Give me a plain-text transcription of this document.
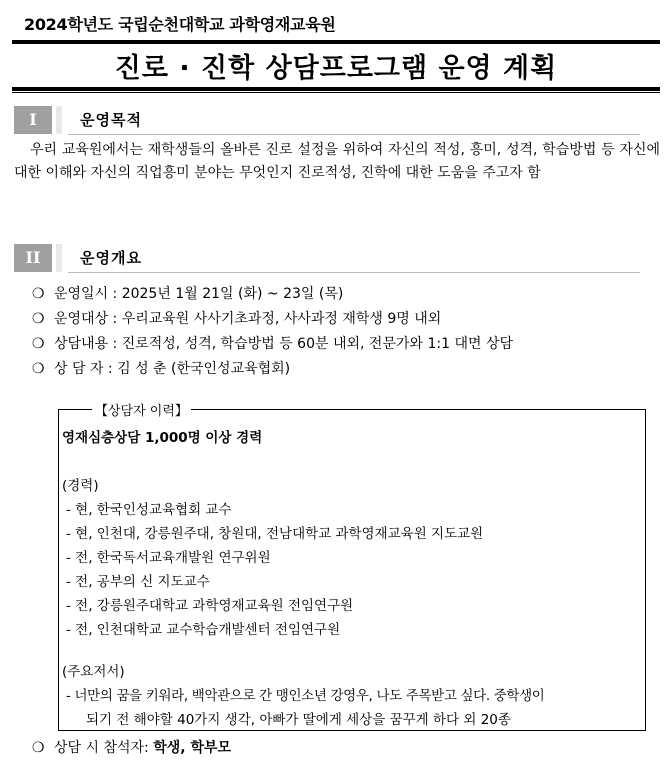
2024학년도 국립순천대학교 과학영재교육원
진로 · 진학 상담프로그램 운영 계획
I	운영목적
우리 교육원에서는 재학생들의 올바른 진로 설정을 위하여 자신의 적성, 흥미, 성격, 학습방법 등 자신에 대한 이해와 자신의 직업흥미 분야는 무엇인지 진로적성, 진학에 대한 도움을 주고자 함
II	운영개요
❍ 운영일시 : 2025년 1월 21일 (화) ~ 23일 (목)
❍ 운영대상 : 우리교육원 사사기초과정, 사사과정 재학생 9명 내외
❍ 상담내용 : 진로적성, 성격, 학습방법 등 60분 내외, 전문가와 1:1 대면 상담
❍ 상 담 자 : 김 성 춘 (한국인성교육협회)
【상담자 이력】
영재심층상담 1,000명 이상 경력
(경력)
- 현, 한국인성교육협회 교수
- 현, 인천대, 강릉원주대, 창원대, 전남대학교 과학영재교육원 지도교원
- 전, 한국독서교육개발원 연구위원
- 전, 공부의 신 지도교수
- 전, 강릉원주대학교 과학영재교육원 전임연구원
- 전, 인천대학교 교수학습개발센터 전임연구원
(주요저서)
- 너만의 꿈을 키워라, 백악관으로 간 맹인소년 강영우, 나도 주목받고 싶다. 중학생이
되기 전 해야할 40가지 생각, 아빠가 딸에게 세상을 꿈꾸게 하다 외 20종
❍ 상담 시 참석자: 학생, 학부모
